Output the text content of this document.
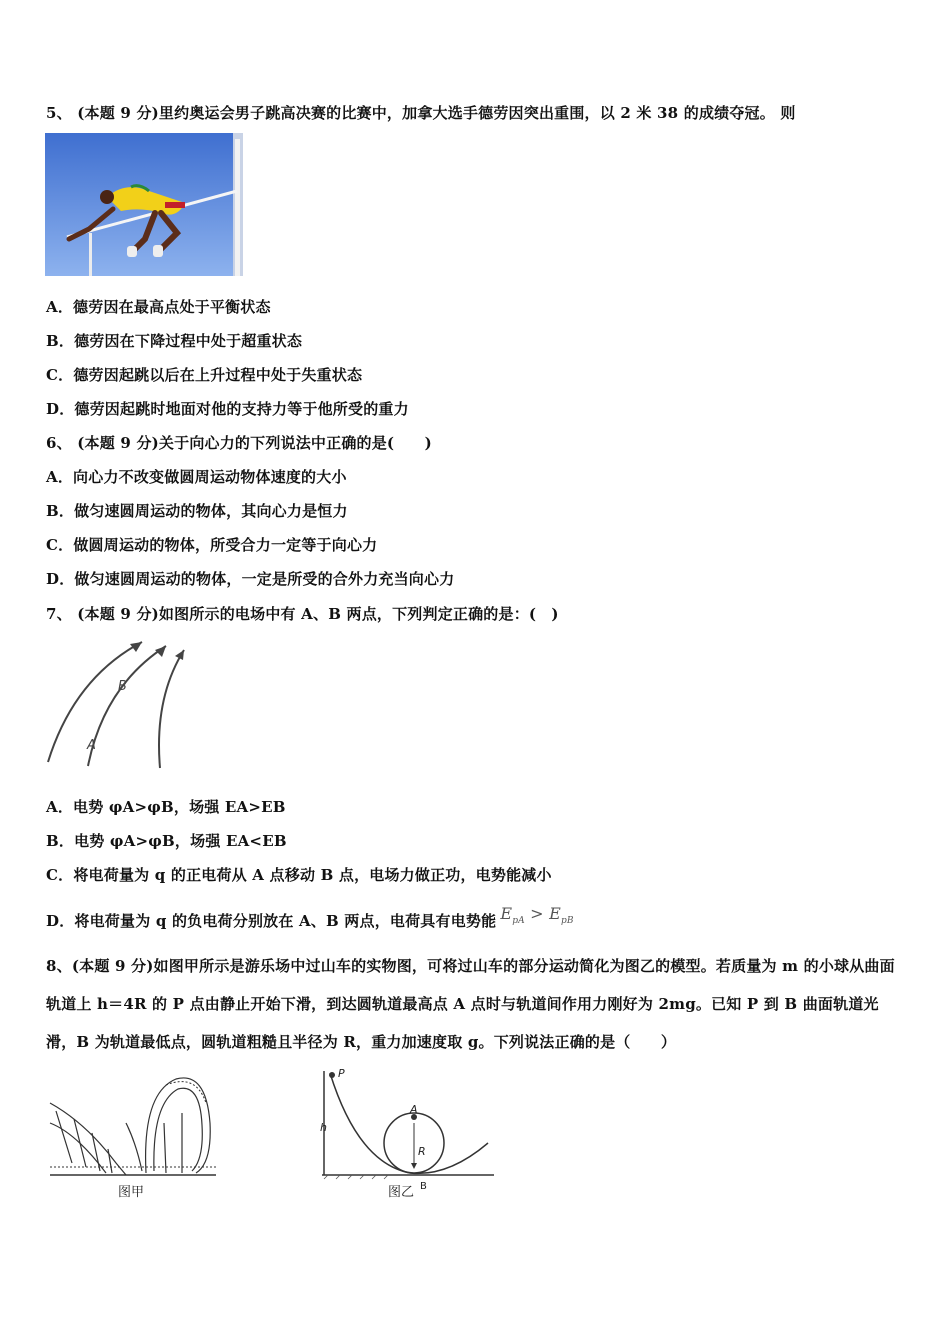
5、 (本题 9 分)里约奥运会男子跳高决赛的比赛中，加拿大选手德劳因突出重围，以 2 米 38 的成绩夺冠。 则
A．德劳因在最高点处于平衡状态
B．德劳因在下降过程中处于超重状态
C．德劳因起跳以后在上升过程中处于失重状态
D．德劳因起跳时地面对他的支持力等于他所受的重力
6、 (本题 9 分)关于向心力的下列说法中正确的是(　　)
A．向心力不改变做圆周运动物体速度的大小
B．做匀速圆周运动的物体，其向心力是恒力
C．做圆周运动的物体，所受合力一定等于向心力
D．做匀速圆周运动的物体，一定是所受的合外力充当向心力
7、 (本题 9 分)如图所示的电场中有 A、B 两点，下列判定正确的是：(　)
B
A
A．电势 φA>φB，场强 EA>EB
B．电势 φA>φB，场强 EA<EB
C．将电荷量为 q 的正电荷从 A 点移动 B 点，电场力做正功，电势能减小
D．将电荷量为 q 的负电荷分别放在 A、B 两点，电荷具有电势能 $E_{pA} > E_{pB}$
8、(本题 9 分)如图甲所示是游乐场中过山车的实物图，可将过山车的部分运动简化为图乙的模型。若质量为 m 的小球从曲面轨道上 h＝4R 的 P 点由静止开始下滑，到达圆轨道最高点 A 点时与轨道间作用力刚好为 2mg。已知 P 到 B 曲面轨道光滑，B 为轨道最低点，圆轨道粗糙且半径为 R，重力加速度取 g。下列说法正确的是（　　）
图甲
P
h
A
R
B
图乙
